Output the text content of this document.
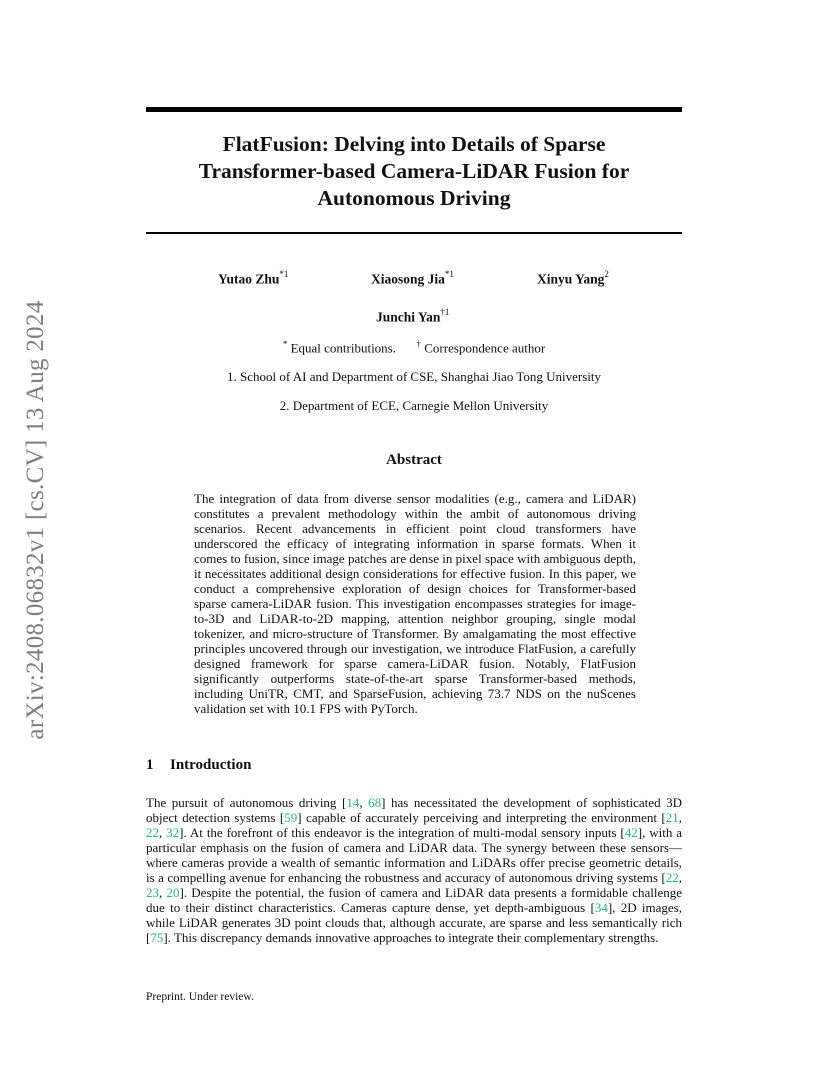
arXiv:2408.06832v1 [cs.CV] 13 Aug 2024
FlatFusion: Delving into Details of Sparse
Transformer-based Camera-LiDAR Fusion for
Autonomous Driving
Yutao Zhu$^{*1}$	Xiaosong Jia$^{*1}$	Xinyu Yang$^2$
Junchi Yan$^{\dagger 1}$
* Equal contributions. † Correspondence author
1. School of AI and Department of CSE, Shanghai Jiao Tong University
2. Department of ECE, Carnegie Mellon University
Abstract
The integration of data from diverse sensor modalities (e.g., camera and LiDAR) constitutes a prevalent methodology within the ambit of autonomous driving scenarios. Recent advancements in efficient point cloud transformers have underscored the efficacy of integrating information in sparse formats. When it comes to fusion, since image patches are dense in pixel space with ambiguous depth, it necessitates additional design considerations for effective fusion. In this paper, we conduct a comprehensive exploration of design choices for Transformer-based sparse camera-LiDAR fusion. This investigation encompasses strategies for image-to-3D and LiDAR-to-2D mapping, attention neighbor grouping, single modal tokenizer, and micro-structure of Transformer. By amalgamating the most effective principles uncovered through our investigation, we introduce FlatFusion, a carefully designed framework for sparse camera-LiDAR fusion. Notably, FlatFusion significantly outperforms state-of-the-art sparse Transformer-based methods, including UniTR, CMT, and SparseFusion, achieving 73.7 NDS on the nuScenes validation set with 10.1 FPS with PyTorch.
1 Introduction
The pursuit of autonomous driving [14, 68] has necessitated the development of sophisticated 3D object detection systems [59] capable of accurately perceiving and interpreting the environment [21, 22, 32]. At the forefront of this endeavor is the integration of multi-modal sensory inputs [42], with a particular emphasis on the fusion of camera and LiDAR data. The synergy between these sensors—where cameras provide a wealth of semantic information and LiDARs offer precise geometric details, is a compelling avenue for enhancing the robustness and accuracy of autonomous driving systems [22, 23, 20]. Despite the potential, the fusion of camera and LiDAR data presents a formidable challenge due to their distinct characteristics. Cameras capture dense, yet depth-ambiguous [34], 2D images, while LiDAR generates 3D point clouds that, although accurate, are sparse and less semantically rich [75]. This discrepancy demands innovative approaches to integrate their complementary strengths.
Preprint. Under review.
